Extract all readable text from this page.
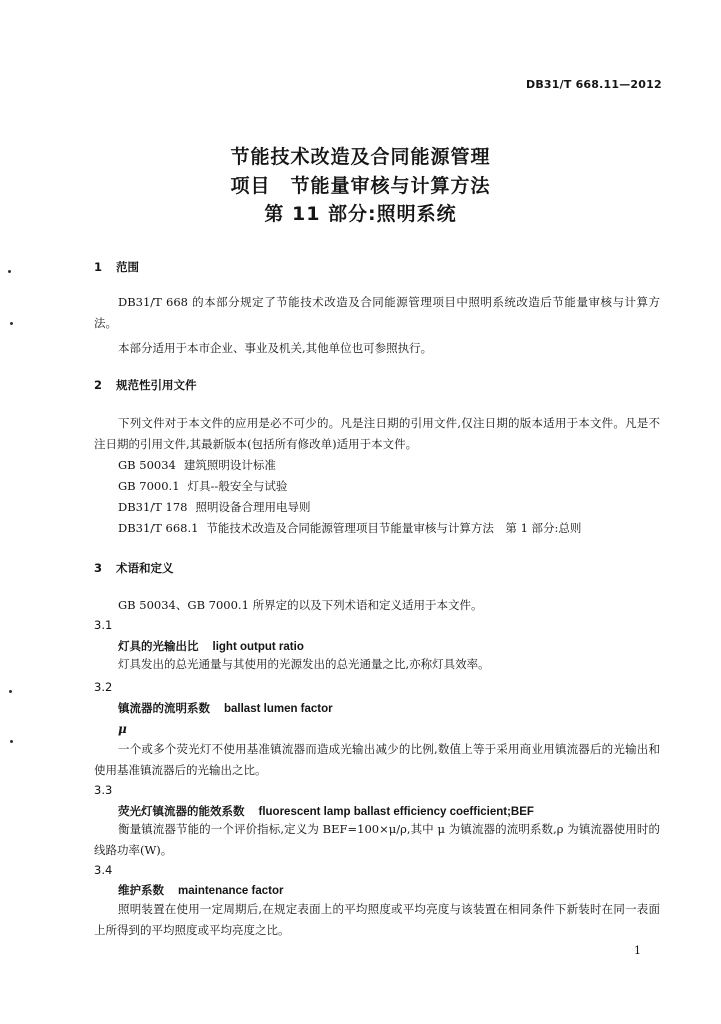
DB31/T 668.11—2012
节能技术改造及合同能源管理
项目　节能量审核与计算方法
第 11 部分:照明系统
1 范围
DB31/T 668 的本部分规定了节能技术改造及合同能源管理项目中照明系统改造后节能量审核与计算方法。
本部分适用于本市企业、事业及机关,其他单位也可参照执行。
2 规范性引用文件
下列文件对于本文件的应用是必不可少的。凡是注日期的引用文件,仅注日期的版本适用于本文件。凡是不注日期的引用文件,其最新版本(包括所有修改单)适用于本文件。
GB 50034 建筑照明设计标准
GB 7000.1 灯具--般安全与试验
DB31/T 178 照明设备合理用电导则
DB31/T 668.1 节能技术改造及合同能源管理项目节能量审核与计算方法　第 1 部分:总则
3 术语和定义
GB 50034、GB 7000.1 所界定的以及下列术语和定义适用于本文件。
3.1
灯具的光输出比 light output ratio
灯具发出的总光通量与其使用的光源发出的总光通量之比,亦称灯具效率。
3.2
镇流器的流明系数 ballast lumen factor
μ
一个或多个荧光灯不使用基准镇流器而造成光输出减少的比例,数值上等于采用商业用镇流器后的光输出和使用基准镇流器后的光输出之比。
3.3
荧光灯镇流器的能效系数 fluorescent lamp ballast efficiency coefficient;BEF
衡量镇流器节能的一个评价指标,定义为 BEF=100×μ/ρ,其中 μ 为镇流器的流明系数,ρ 为镇流器使用时的线路功率(W)。
3.4
维护系数 maintenance factor
照明装置在使用一定周期后,在规定表面上的平均照度或平均亮度与该装置在相同条件下新装时在同一表面上所得到的平均照度或平均亮度之比。
1
